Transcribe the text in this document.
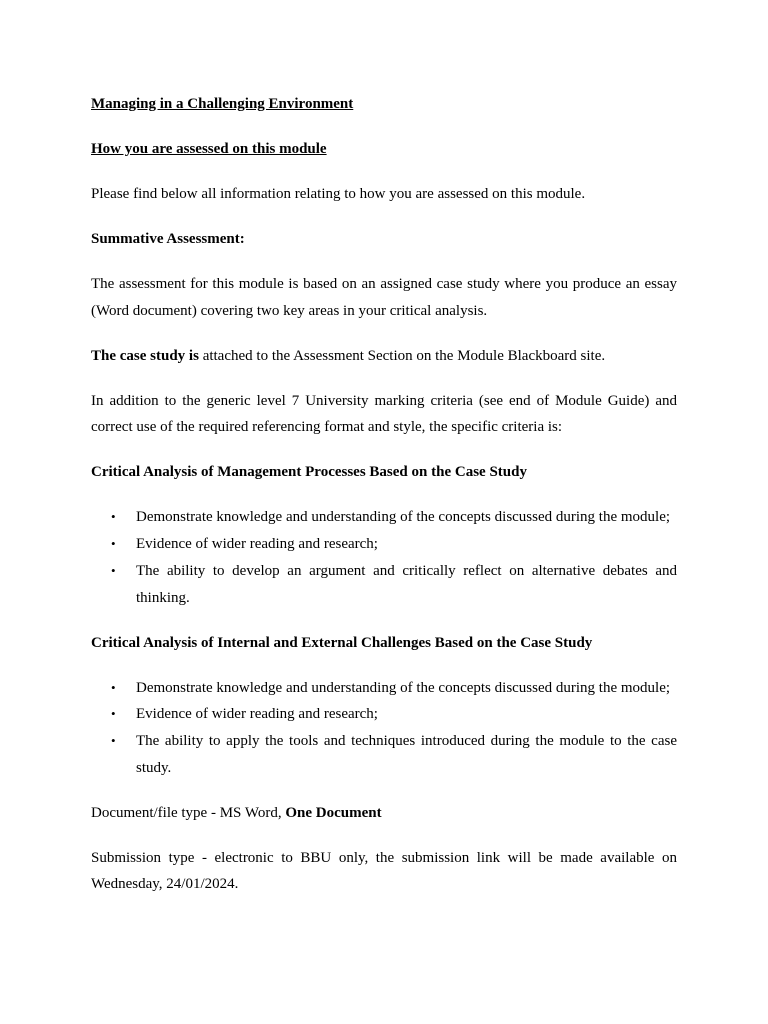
Managing in a Challenging Environment

How you are assessed on this module

Please find below all information relating to how you are assessed on this module.

Summative Assessment:

The assessment for this module is based on an assigned case study where you produce an essay (Word document) covering two key areas in your critical analysis.

The case study is attached to the Assessment Section on the Module Blackboard site.

In addition to the generic level 7 University marking criteria (see end of Module Guide) and correct use of the required referencing format and style, the specific criteria is:

Critical Analysis of Management Processes Based on the Case Study

• Demonstrate knowledge and understanding of the concepts discussed during the module;
• Evidence of wider reading and research;
• The ability to develop an argument and critically reflect on alternative debates and thinking.

Critical Analysis of Internal and External Challenges Based on the Case Study

• Demonstrate knowledge and understanding of the concepts discussed during the module;
• Evidence of wider reading and research;
• The ability to apply the tools and techniques introduced during the module to the case study.

Document/file type - MS Word, One Document

Submission type - electronic to BBU only, the submission link will be made available on Wednesday, 24/01/2024.
